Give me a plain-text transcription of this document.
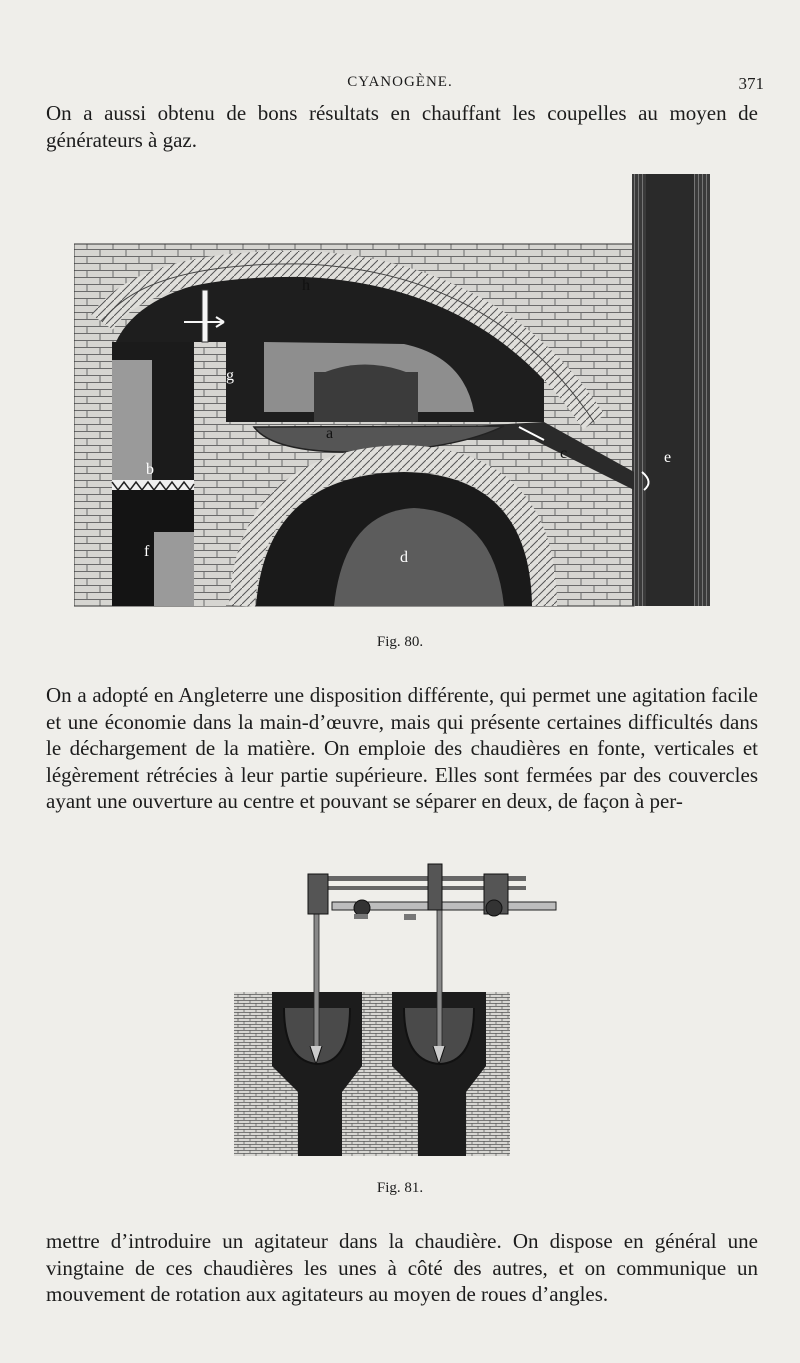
CYANOGÈNE.	371

On a aussi obtenu de bons résultats en chauffant les coupelles au moyen de générateurs à gaz.

h
g
a
b
c	e
f	d
Fig. 80.

On a adopté en Angleterre une disposition différente, qui permet une agitation facile et une économie dans la main-d’œuvre, mais qui présente certaines difficultés dans le déchargement de la matière. On emploie des chaudières en fonte, verticales et légèrement rétrécies à leur partie supérieure. Elles sont fermées par des couvercles ayant une ouverture au centre et pouvant se séparer en deux, de façon à per-

Fig. 81.

mettre d’introduire un agitateur dans la chaudière. On dispose en général une vingtaine de ces chaudières les unes à côté des autres, et on communique un mouvement de rotation aux agitateurs au moyen de roues d’angles.
